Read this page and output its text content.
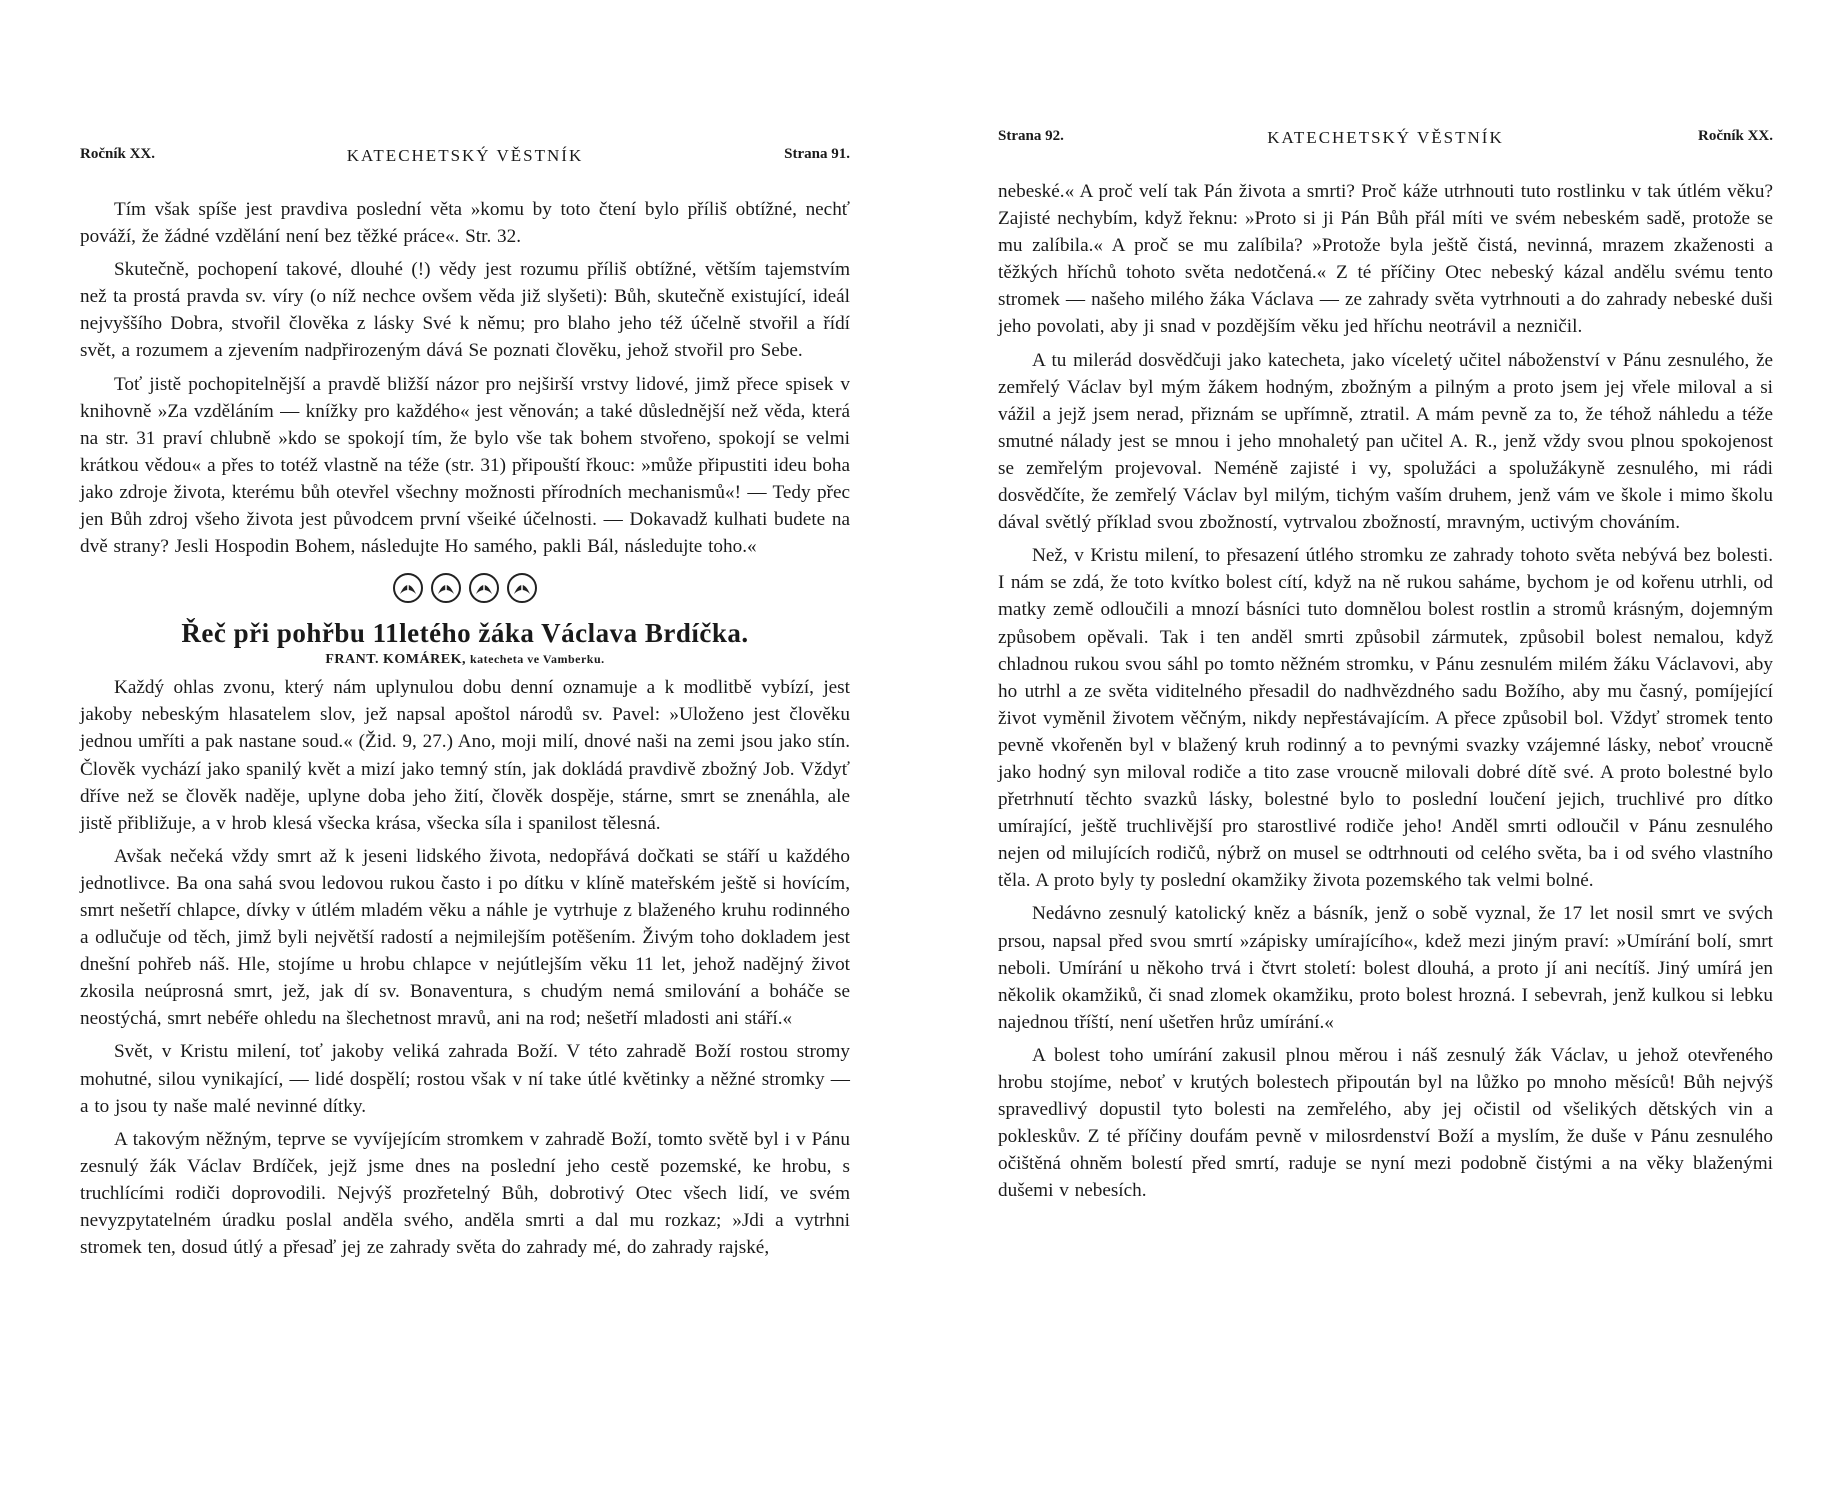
Ročník XX.	KATECHETSKÝ VĚSTNÍK	Strana 91.

Tím však spíše jest pravdiva poslední věta »komu by toto čtení bylo příliš obtížné, nechť pováží, že žádné vzdělání není bez těžké práce«. Str. 32.

Skutečně, pochopení takové, dlouhé (!) vědy jest rozumu příliš obtížné, větším tajemstvím než ta prostá pravda sv. víry (o níž nechce ovšem věda již slyšeti): Bůh, skutečně existující, ideál nejvyššího Dobra, stvořil člověka z lásky Své k němu; pro blaho jeho též účelně stvořil a řídí svět, a rozumem a zjevením nadpřirozeným dává Se poznati člověku, jehož stvořil pro Sebe.

Toť jistě pochopitelnější a pravdě bližší názor pro nejširší vrstvy lidové, jimž přece spisek v knihovně »Za vzděláním — knížky pro každého« jest věnován; a také důslednější než věda, která na str. 31 praví chlubně »kdo se spokojí tím, že bylo vše tak bohem stvořeno, spokojí se velmi krátkou vědou« a přes to totéž vlastně na téže (str. 31) připouští řkouc: »může připustiti ideu boha jako zdroje života, kterému bůh otevřel všechny možnosti přírodních mechanismů«! — Tedy přec jen Bůh zdroj všeho života jest původcem první všeiké účelnosti. — Dokavadž kulhati budete na dvě strany? Jesli Hospodin Bohem, následujte Ho samého, pakli Bál, následujte toho.«

Řeč při pohřbu 11letého žáka Václava Brdíčka.
FRANT. KOMÁREK, katecheta ve Vamberku.

Každý ohlas zvonu, který nám uplynulou dobu denní oznamuje a k modlitbě vybízí, jest jakoby nebeským hlasatelem slov, jež napsal apoštol národů sv. Pavel: »Uloženo jest člověku jednou umříti a pak nastane soud.« (Žid. 9, 27.) Ano, moji milí, dnové naši na zemi jsou jako stín. Člověk vychází jako spanilý květ a mizí jako temný stín, jak dokládá pravdivě zbožný Job. Vždyť dříve než se člověk naděje, uplyne doba jeho žití, člověk dospěje, stárne, smrt se znenáhla, ale jistě přibližuje, a v hrob klesá všecka krása, všecka síla i spanilost tělesná.

Avšak nečeká vždy smrt až k jeseni lidského života, nedopřává dočkati se stáří u každého jednotlivce. Ba ona sahá svou ledovou rukou často i po dítku v klíně mateřském ještě si hovícím, smrt nešetří chlapce, dívky v útlém mladém věku a náhle je vytrhuje z blaženého kruhu rodinného a odlučuje od těch, jimž byli největší radostí a nejmilejším potěšením. Živým toho dokladem jest dnešní pohřeb náš. Hle, stojíme u hrobu chlapce v nejútlejším věku 11 let, jehož nadějný život zkosila neúprosná smrt, jež, jak dí sv. Bonaventura, s chudým nemá smilování a boháče se neostýchá, smrt nebéře ohledu na šlechetnost mravů, ani na rod; nešetří mladosti ani stáří.«

Svět, v Kristu milení, toť jakoby veliká zahrada Boží. V této zahradě Boží rostou stromy mohutné, silou vynikající, — lidé dospělí; rostou však v ní take útlé květinky a něžné stromky — a to jsou ty naše malé nevinné dítky.

A takovým něžným, teprve se vyvíjejícím stromkem v zahradě Boží, tomto světě byl i v Pánu zesnulý žák Václav Brdíček, jejž jsme dnes na poslední jeho cestě pozemské, ke hrobu, s truchlícími rodiči doprovodili. Nejvýš prozřetelný Bůh, dobrotivý Otec všech lidí, ve svém nevyzpytatelném úradku poslal anděla svého, anděla smrti a dal mu rozkaz; »Jdi a vytrhni stromek ten, dosud útlý a přesaď jej ze zahrady světa do zahrady mé, do zahrady rajské,

Strana 92.	KATECHETSKÝ VĚSTNÍK	Ročník XX.

nebeské.« A proč velí tak Pán života a smrti? Proč káže utrhnouti tuto rostlinku v tak útlém věku? Zajisté nechybím, když řeknu: »Proto si ji Pán Bůh přál míti ve svém nebeském sadě, protože se mu zalíbila.« A proč se mu zalíbila? »Protože byla ještě čistá, nevinná, mrazem zkaženosti a těžkých hříchů tohoto světa nedotčená.« Z té příčiny Otec nebeský kázal andělu svému tento stromek — našeho milého žáka Václava — ze zahrady světa vytrhnouti a do zahrady nebeské duši jeho povolati, aby ji snad v pozdějším věku jed hříchu neotrávil a nezničil.

A tu milerád dosvědčuji jako katecheta, jako víceletý učitel náboženství v Pánu zesnulého, že zemřelý Václav byl mým žákem hodným, zbožným a pilným a proto jsem jej vřele miloval a si vážil a jejž jsem nerad, přiznám se upřímně, ztratil. A mám pevně za to, že téhož náhledu a téže smutné nálady jest se mnou i jeho mnohaletý pan učitel A. R., jenž vždy svou plnou spokojenost se zemřelým projevoval. Neméně zajisté i vy, spolužáci a spolužákyně zesnulého, mi rádi dosvědčíte, že zemřelý Václav byl milým, tichým vaším druhem, jenž vám ve škole i mimo školu dával světlý příklad svou zbožností, vytrvalou zbožností, mravným, uctivým chováním.

Než, v Kristu milení, to přesazení útlého stromku ze zahrady tohoto světa nebývá bez bolesti. I nám se zdá, že toto kvítko bolest cítí, když na ně rukou saháme, bychom je od kořenu utrhli, od matky země odloučili a mnozí básníci tuto domnělou bolest rostlin a stromů krásným, dojemným způsobem opěvali. Tak i ten anděl smrti způsobil zármutek, způsobil bolest nemalou, když chladnou rukou svou sáhl po tomto něžném stromku, v Pánu zesnulém milém žáku Václavovi, aby ho utrhl a ze světa viditelného přesadil do nadhvězdného sadu Božího, aby mu časný, pomíjející život vyměnil životem věčným, nikdy nepřestávajícím. A přece způsobil bol. Vždyť stromek tento pevně vkořeněn byl v blažený kruh rodinný a to pevnými svazky vzájemné lásky, neboť vroucně jako hodný syn miloval rodiče a tito zase vroucně milovali dobré dítě své. A proto bolestné bylo přetrhnutí těchto svazků lásky, bolestné bylo to poslední loučení jejich, truchlivé pro dítko umírající, ještě truchlivější pro starostlivé rodiče jeho! Anděl smrti odloučil v Pánu zesnulého nejen od milujících rodičů, nýbrž on musel se odtrhnouti od celého světa, ba i od svého vlastního těla. A proto byly ty poslední okamžiky života pozemského tak velmi bolné.

Nedávno zesnulý katolický kněz a básník, jenž o sobě vyznal, že 17 let nosil smrt ve svých prsou, napsal před svou smrtí »zápisky umírajícího«, kdež mezi jiným praví: »Umírání bolí, smrt neboli. Umírání u někoho trvá i čtvrt století: bolest dlouhá, a proto jí ani necítíš. Jiný umírá jen několik okamžiků, či snad zlomek okamžiku, proto bolest hrozná. I sebevrah, jenž kulkou si lebku najednou tříští, není ušetřen hrůz umírání.«

A bolest toho umírání zakusil plnou měrou i náš zesnulý žák Václav, u jehož otevřeného hrobu stojíme, neboť v krutých bolestech připoután byl na lůžko po mnoho měsíců! Bůh nejvýš spravedlivý dopustil tyto bolesti na zemřelého, aby jej očistil od všelikých dětských vin a pokleskův. Z té příčiny doufám pevně v milosrdenství Boží a myslím, že duše v Pánu zesnulého očištěná ohněm bolestí před smrtí, raduje se nyní mezi podobně čistými a na věky blaženými dušemi v nebesích.
